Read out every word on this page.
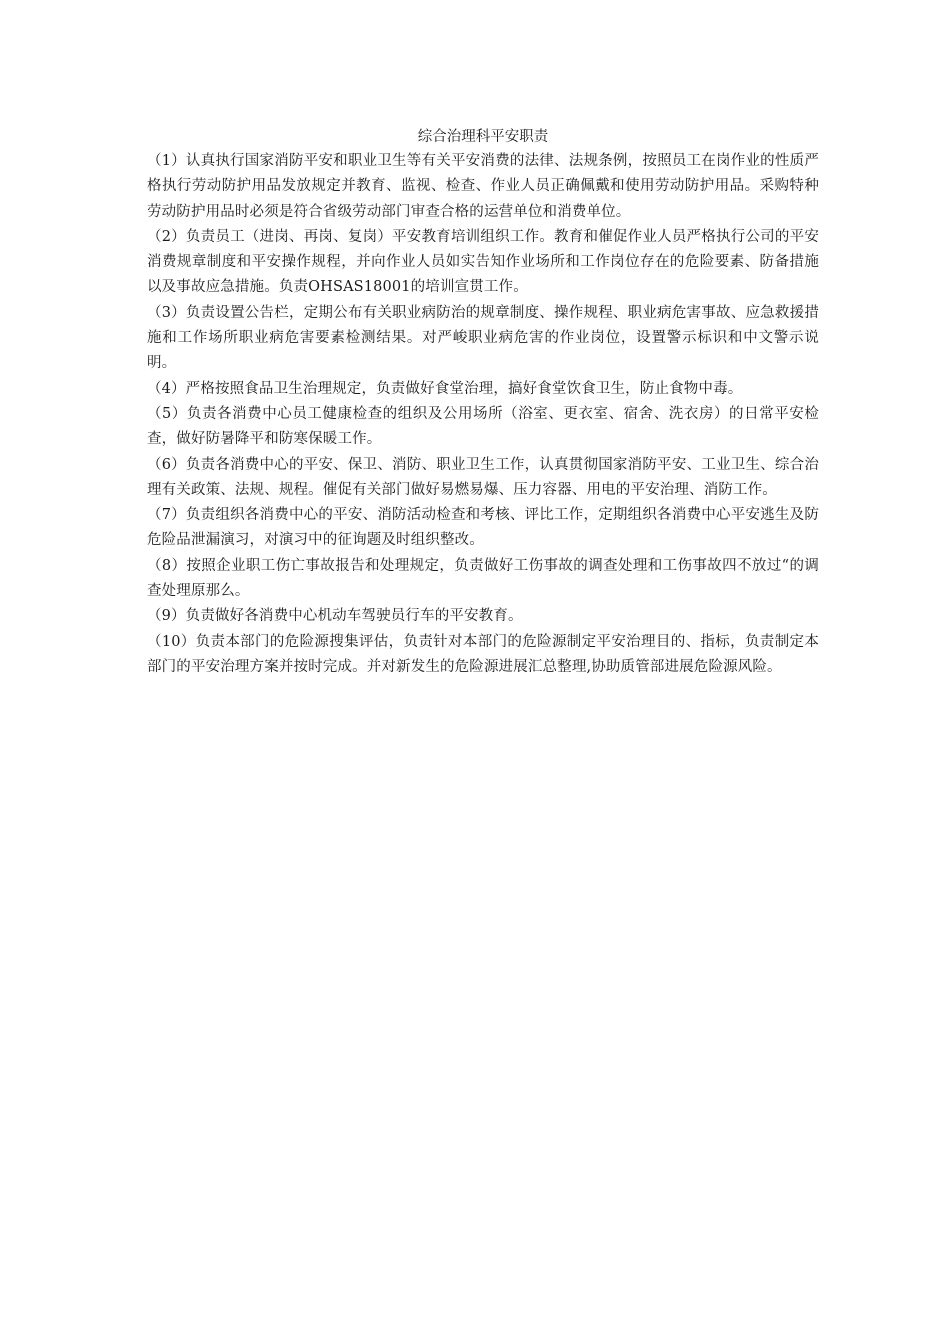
综合治理科平安职责

（1）认真执行国家消防平安和职业卫生等有关平安消费的法律、法规条例，按照员工在岗作业的性质严格执行劳动防护用品发放规定并教育、监视、检查、作业人员正确佩戴和使用劳动防护用品。采购特种劳动防护用品时必须是符合省级劳动部门审查合格的运营单位和消费单位。

（2）负责员工（进岗、再岗、复岗）平安教育培训组织工作。教育和催促作业人员严格执行公司的平安消费规章制度和平安操作规程，并向作业人员如实告知作业场所和工作岗位存在的危险要素、防备措施以及事故应急措施。负责OHSAS18001的培训宣贯工作。

（3）负责设置公告栏，定期公布有关职业病防治的规章制度、操作规程、职业病危害事故、应急救援措施和工作场所职业病危害要素检测结果。对严峻职业病危害的作业岗位，设置警示标识和中文警示说明。

（4）严格按照食品卫生治理规定，负责做好食堂治理，搞好食堂饮食卫生，防止食物中毒。

（5）负责各消费中心员工健康检查的组织及公用场所（浴室、更衣室、宿舍、洗衣房）的日常平安检查，做好防暑降平和防寒保暖工作。

（6）负责各消费中心的平安、保卫、消防、职业卫生工作，认真贯彻国家消防平安、工业卫生、综合治理有关政策、法规、规程。催促有关部门做好易燃易爆、压力容器、用电的平安治理、消防工作。

（7）负责组织各消费中心的平安、消防活动检查和考核、评比工作，定期组织各消费中心平安逃生及防危险品泄漏演习，对演习中的征询题及时组织整改。

（8）按照企业职工伤亡事故报告和处理规定，负责做好工伤事故的调查处理和工伤事故四不放过“的调查处理原那么。

（9）负责做好各消费中心机动车驾驶员行车的平安教育。

（10）负责本部门的危险源搜集评估，负责针对本部门的危险源制定平安治理目的、指标，负责制定本部门的平安治理方案并按时完成。并对新发生的危险源进展汇总整理,协助质管部进展危险源风险。
